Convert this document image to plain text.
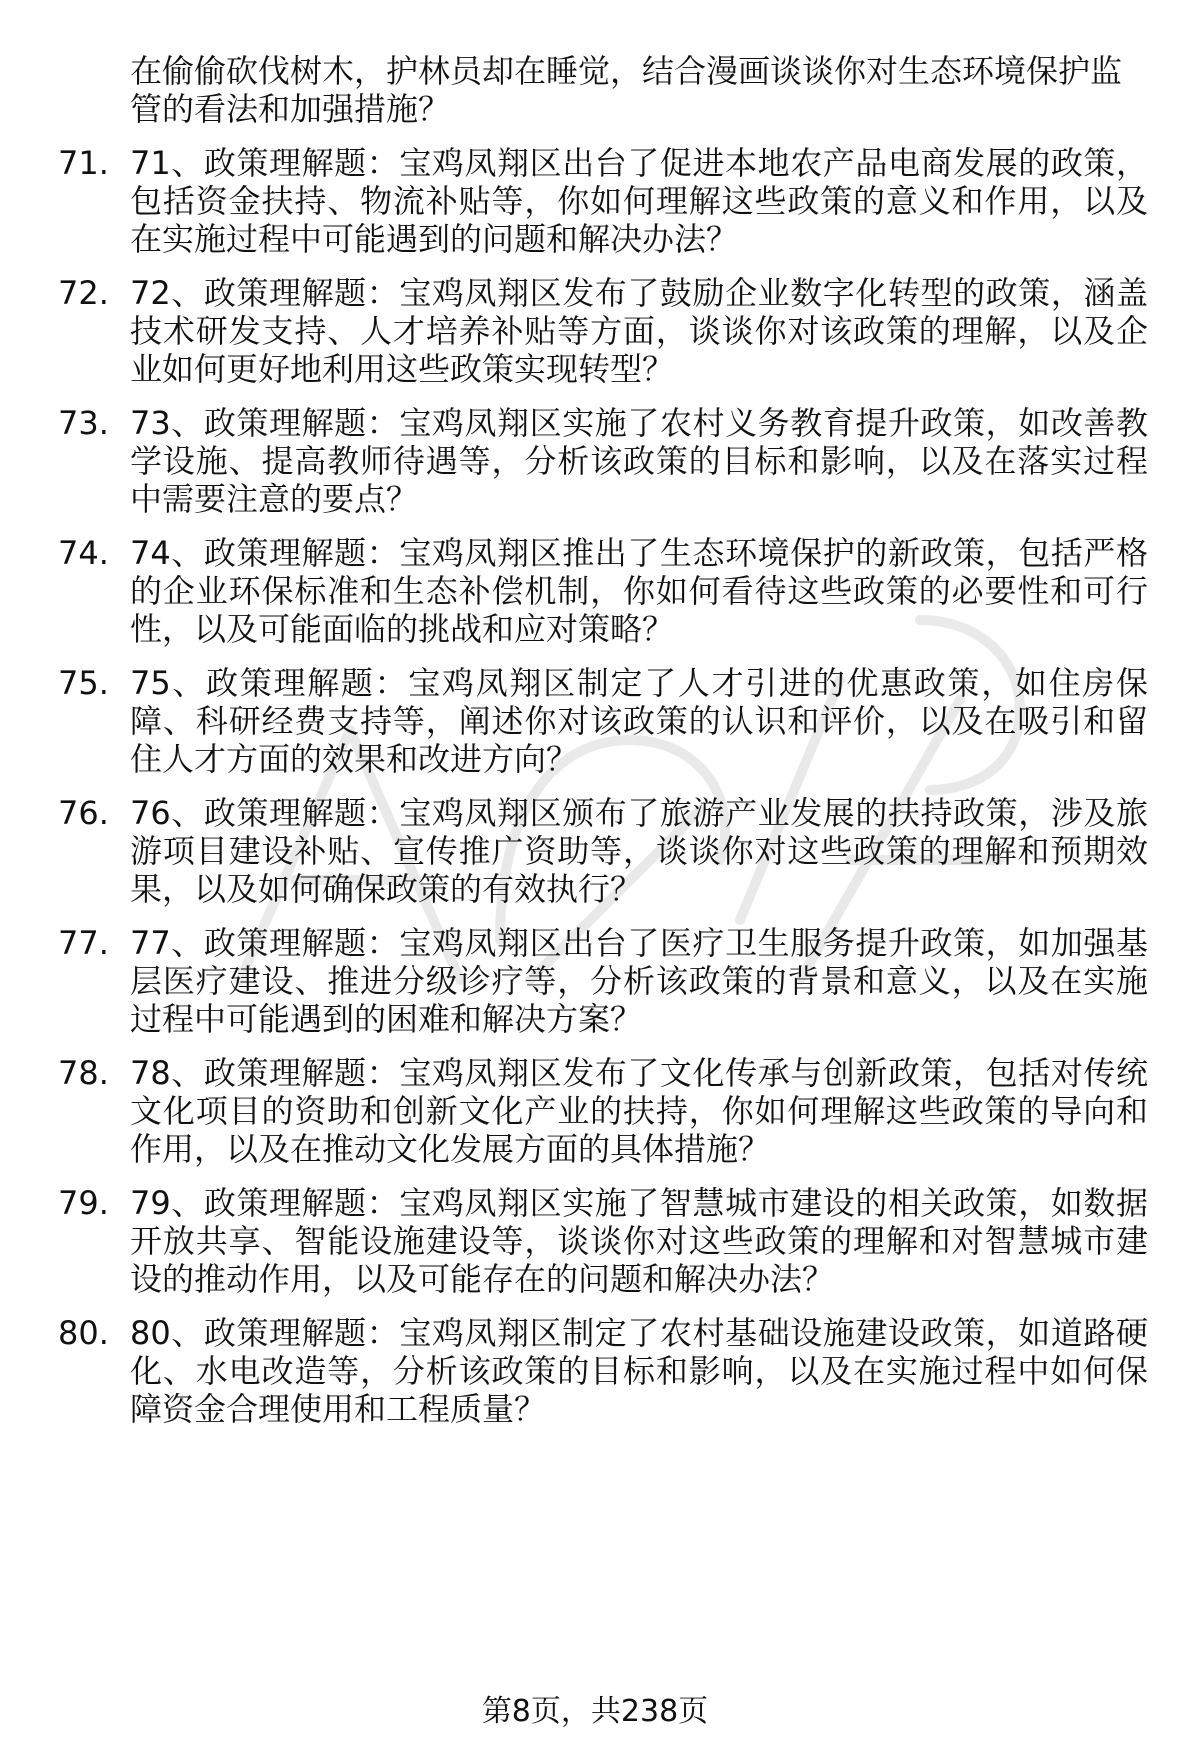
在偷偷砍伐树木，护林员却在睡觉，结合漫画谈谈你对生态环境保护监管的看法和加强措施？

71. 71、政策理解题：宝鸡凤翔区出台了促进本地农产品电商发展的政策，包括资金扶持、物流补贴等，你如何理解这些政策的意义和作用，以及在实施过程中可能遇到的问题和解决办法？
72. 72、政策理解题：宝鸡凤翔区发布了鼓励企业数字化转型的政策，涵盖技术研发支持、人才培养补贴等方面，谈谈你对该政策的理解，以及企业如何更好地利用这些政策实现转型？
73. 73、政策理解题：宝鸡凤翔区实施了农村义务教育提升政策，如改善教学设施、提高教师待遇等，分析该政策的目标和影响，以及在落实过程中需要注意的要点？
74. 74、政策理解题：宝鸡凤翔区推出了生态环境保护的新政策，包括严格的企业环保标准和生态补偿机制，你如何看待这些政策的必要性和可行性，以及可能面临的挑战和应对策略？
75. 75、政策理解题：宝鸡凤翔区制定了人才引进的优惠政策，如住房保障、科研经费支持等，阐述你对该政策的认识和评价，以及在吸引和留住人才方面的效果和改进方向？
76. 76、政策理解题：宝鸡凤翔区颁布了旅游产业发展的扶持政策，涉及旅游项目建设补贴、宣传推广资助等，谈谈你对这些政策的理解和预期效果，以及如何确保政策的有效执行？
77. 77、政策理解题：宝鸡凤翔区出台了医疗卫生服务提升政策，如加强基层医疗建设、推进分级诊疗等，分析该政策的背景和意义，以及在实施过程中可能遇到的困难和解决方案？
78. 78、政策理解题：宝鸡凤翔区发布了文化传承与创新政策，包括对传统文化项目的资助和创新文化产业的扶持，你如何理解这些政策的导向和作用，以及在推动文化发展方面的具体措施？
79. 79、政策理解题：宝鸡凤翔区实施了智慧城市建设的相关政策，如数据开放共享、智能设施建设等，谈谈你对这些政策的理解和对智慧城市建设的推动作用，以及可能存在的问题和解决办法？
80. 80、政策理解题：宝鸡凤翔区制定了农村基础设施建设政策，如道路硬化、水电改造等，分析该政策的目标和影响，以及在实施过程中如何保障资金合理使用和工程质量？
第8页，共238页
